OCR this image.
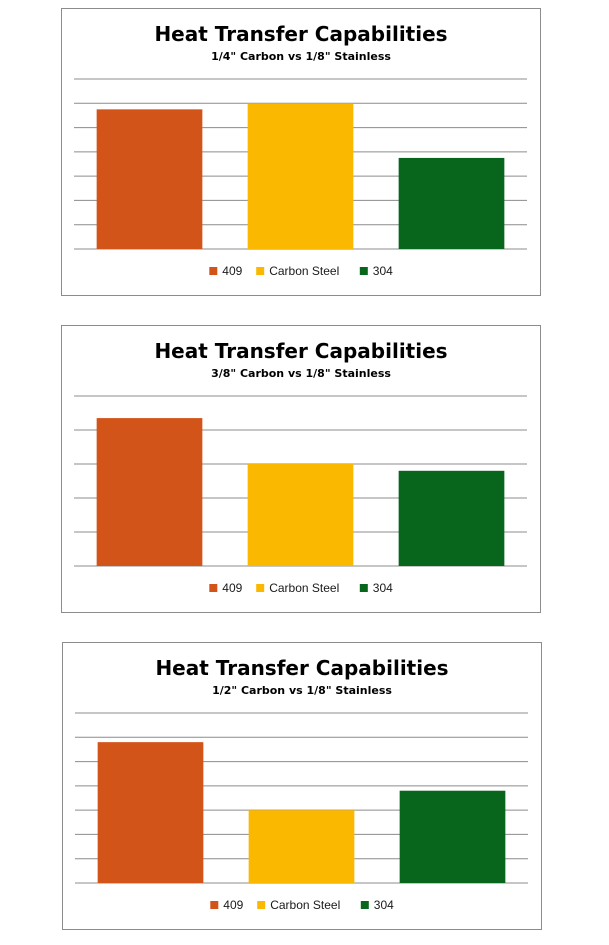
Heat Transfer Capabilities
1/4" Carbon vs 1/8" Stainless
409 Carbon Steel	304
Heat Transfer Capabilities
3/8" Carbon vs 1/8" Stainless
409 Carbon Steel	304
Heat Transfer Capabilities
1/2" Carbon vs 1/8" Stainless
409 Carbon Steel	304
